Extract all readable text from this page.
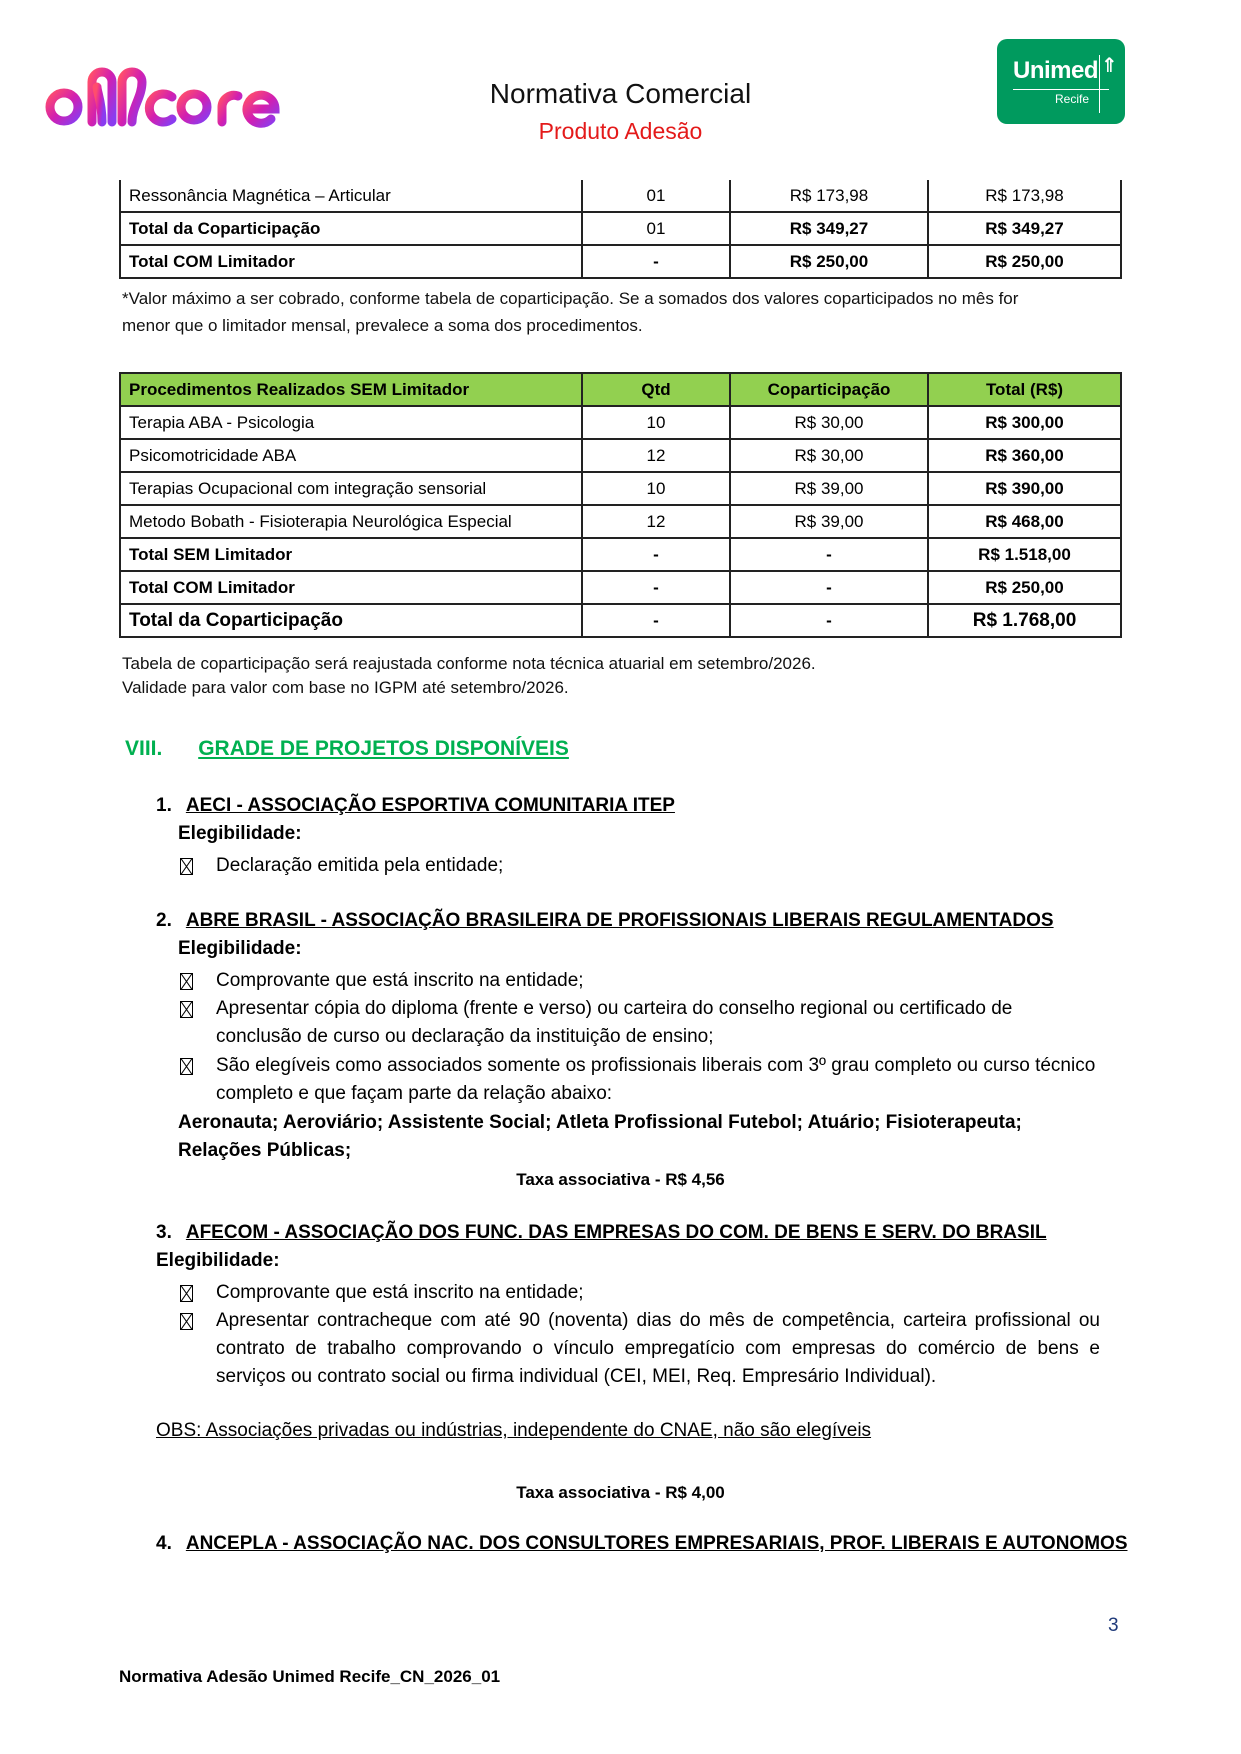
Normativa Comercial
Produto Adesão
Unimed
Recife
⇑
Ressonância Magnética – Articular	01	R$ 173,98	R$ 173,98
Total da Coparticipação	01	R$ 349,27	R$ 349,27
Total COM Limitador	-	R$ 250,00	R$ 250,00
*Valor máximo a ser cobrado, conforme tabela de coparticipação. Se a somados dos valores coparticipados no mês for
menor que o limitador mensal, prevalece a soma dos procedimentos.
Procedimentos Realizados SEM Limitador	Qtd	Coparticipação	Total (R$)
Terapia ABA - Psicologia	10	R$ 30,00	R$ 300,00
Psicomotricidade ABA	12	R$ 30,00	R$ 360,00
Terapias Ocupacional com integração sensorial	10	R$ 39,00	R$ 390,00
Metodo Bobath - Fisioterapia Neurológica Especial	12	R$ 39,00	R$ 468,00
Total SEM Limitador	-	-	R$ 1.518,00
Total COM Limitador	-	-	R$ 250,00
Total da Coparticipação	-	-	R$ 1.768,00
Tabela de coparticipação será reajustada conforme nota técnica atuarial em setembro/2026.
Validade para valor com base no IGPM até setembro/2026.
VIII. GRADE DE PROJETOS DISPONÍVEIS
1. AECI - ASSOCIAÇÃO ESPORTIVA COMUNITARIA ITEP
Elegibilidade:
Declaração emitida pela entidade;
2. ABRE BRASIL - ASSOCIAÇÃO BRASILEIRA DE PROFISSIONAIS LIBERAIS REGULAMENTADOS
Elegibilidade:
Comprovante que está inscrito na entidade;
Apresentar cópia do diploma (frente e verso) ou carteira do conselho regional ou certificado de conclusão de curso ou declaração da instituição de ensino;
São elegíveis como associados somente os profissionais liberais com 3º grau completo ou curso técnico completo e que façam parte da relação abaixo:
Aeronauta; Aeroviário; Assistente Social; Atleta Profissional Futebol; Atuário; Fisioterapeuta; Relações Públicas;
Taxa associativa - R$ 4,56
3. AFECOM - ASSOCIAÇÃO DOS FUNC. DAS EMPRESAS DO COM. DE BENS E SERV. DO BRASIL
Elegibilidade:
Comprovante que está inscrito na entidade;
Apresentar contracheque com até 90 (noventa) dias do mês de competência, carteira profissional ou contrato de trabalho comprovando o vínculo empregatício com empresas do comércio de bens e serviços ou contrato social ou firma individual (CEI, MEI, Req. Empresário Individual).
OBS: Associações privadas ou indústrias, independente do CNAE, não são elegíveis
Taxa associativa - R$ 4,00
4. ANCEPLA - ASSOCIAÇÃO NAC. DOS CONSULTORES EMPRESARIAIS, PROF. LIBERAIS E AUTONOMOS
3
Normativa Adesão Unimed Recife_CN_2026_01
